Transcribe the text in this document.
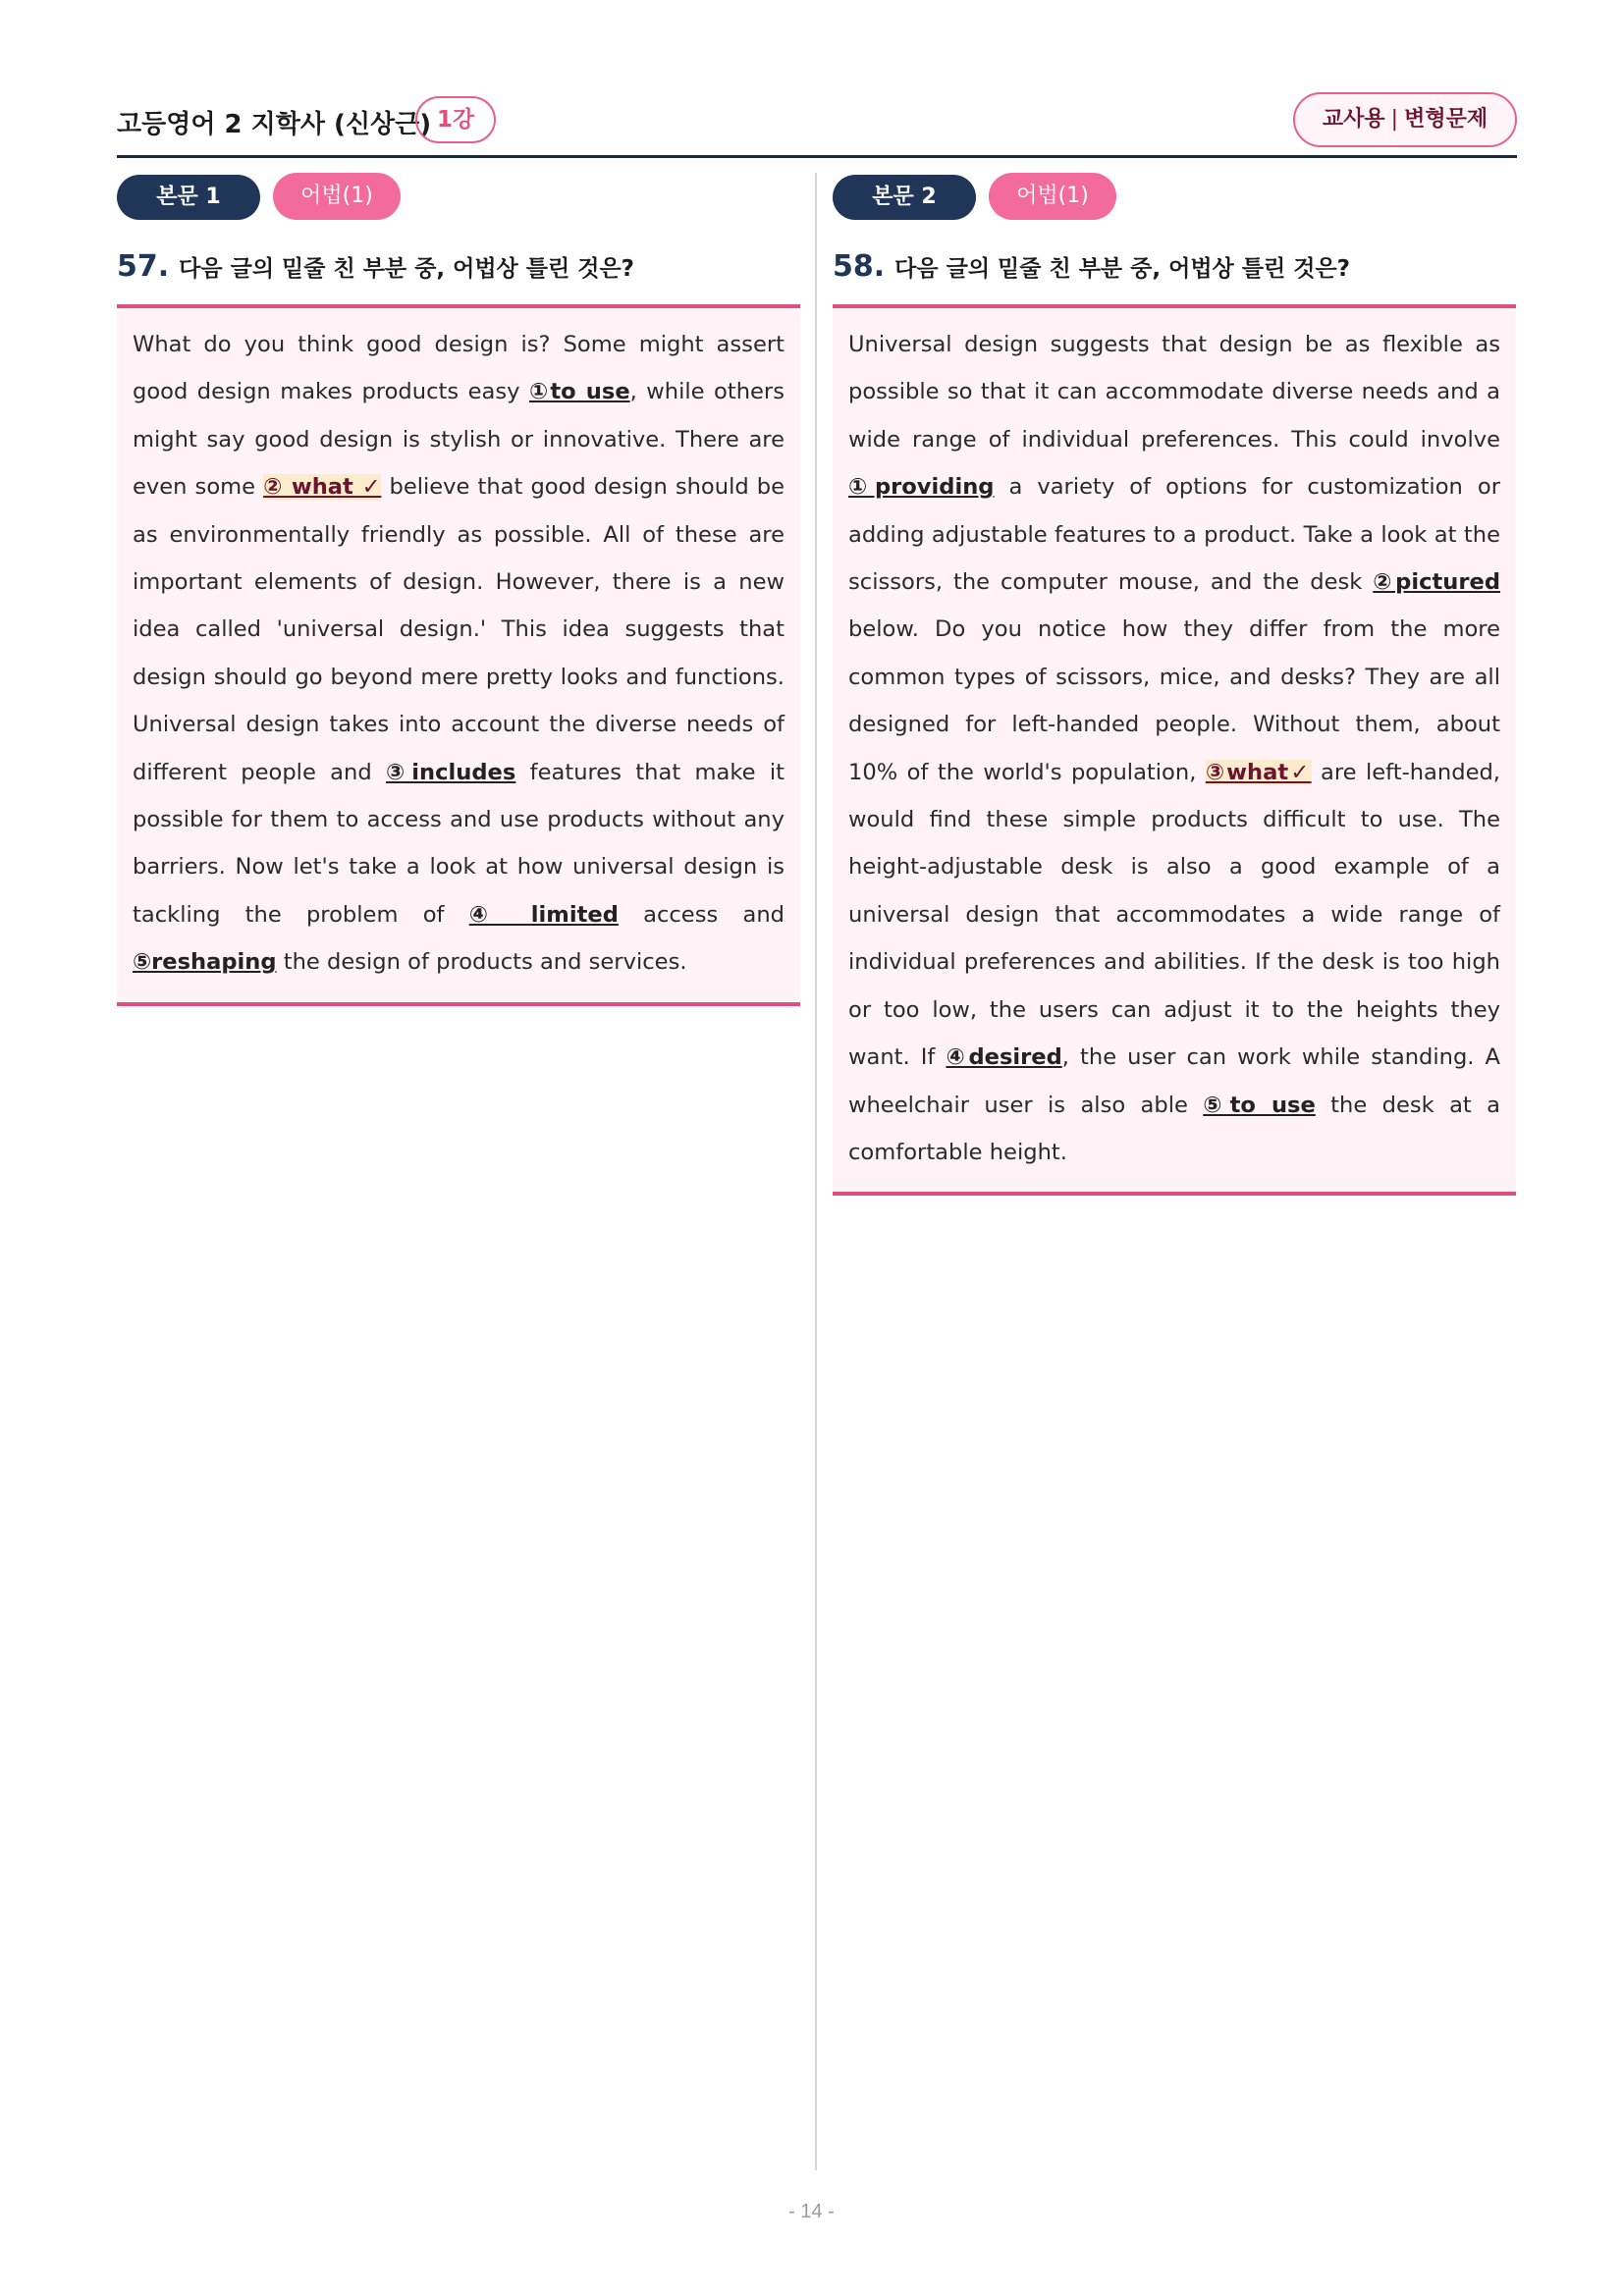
고등영어 2 지학사 (신상근) 1강	교사용 | 변형문제
본문 1	어법(1)
57. 다음 글의 밑줄 친 부분 중, 어법상 틀린 것은?
What do you think good design is? Some might assert good design makes products easy ①to use, while others might say good design is stylish or innovative. There are even some ② what ✓ believe that good design should be as environmentally friendly as possible. All of these are important elements of design. However, there is a new idea called 'universal design.' This idea suggests that design should go beyond mere pretty looks and functions. Universal design takes into account the diverse needs of different people and ③includes features that make it possible for them to access and use products without any barriers. Now let's take a look at how universal design is tackling the problem of ④ limited access and ⑤reshaping the design of products and services.
본문 2	어법(1)
58. 다음 글의 밑줄 친 부분 중, 어법상 틀린 것은?
Universal design suggests that design be as flexible as possible so that it can accommodate diverse needs and a wide range of individual preferences. This could involve ①providing a variety of options for customization or adding adjustable features to a product. Take a look at the scissors, the computer mouse, and the desk ②pictured below. Do you notice how they differ from the more common types of scissors, mice, and desks? They are all designed for left-handed people. Without them, about 10% of the world's population, ③what✓ are left-handed, would find these simple products difficult to use. The height-adjustable desk is also a good example of a universal design that accommodates a wide range of individual preferences and abilities. If the desk is too high or too low, the users can adjust it to the heights they want. If ④desired, the user can work while standing. A wheelchair user is also able ⑤to use the desk at a comfortable height.
- 14 -
